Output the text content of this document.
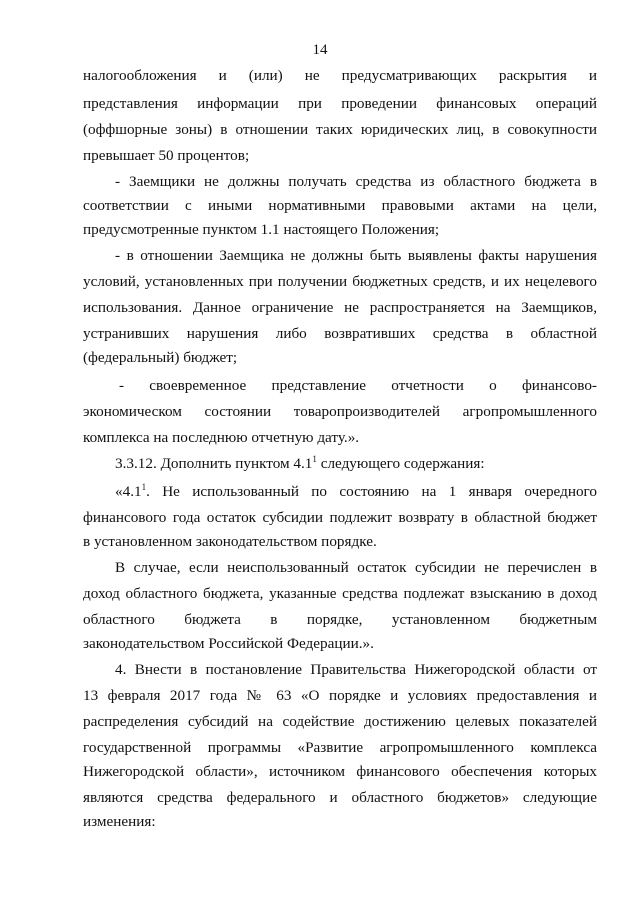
14
налогообложения и (или) не предусматривающих раскрытия и
представления информации при проведении финансовых операций
(оффшорные зоны) в отношении таких юридических лиц, в совокупности
превышает 50 процентов;
- Заемщики не должны получать средства из областного бюджета в
соответствии с иными нормативными правовыми актами на цели,
предусмотренные пунктом 1.1 настоящего Положения;
- в отношении Заемщика не должны быть выявлены факты нарушения
условий, установленных при получении бюджетных средств, и их нецелевого
использования. Данное ограничение не распространяется на Заемщиков,
устранивших нарушения либо возвративших средства в областной
(федеральный) бюджет;
- своевременное представление отчетности о финансово-
экономическом состоянии товаропроизводителей агропромышленного
комплекса на последнюю отчетную дату.».
3.3.12. Дополнить пунктом $4.1^1$ следующего содержания:
«$4.1^1$. Не использованный по состоянию на 1 января очередного
финансового года остаток субсидии подлежит возврату в областной бюджет
в установленном законодательством порядке.
В случае, если неиспользованный остаток субсидии не перечислен в
доход областного бюджета, указанные средства подлежат взысканию в доход
областного бюджета в порядке, установленном бюджетным
законодательством Российской Федерации.».
4. Внести в постановление Правительства Нижегородской области от
13 февраля 2017 года № 63 «О порядке и условиях предоставления и
распределения субсидий на содействие достижению целевых показателей
государственной программы «Развитие агропромышленного комплекса
Нижегородской области», источником финансового обеспечения которых
являются средства федерального и областного бюджетов» следующие
изменения:
